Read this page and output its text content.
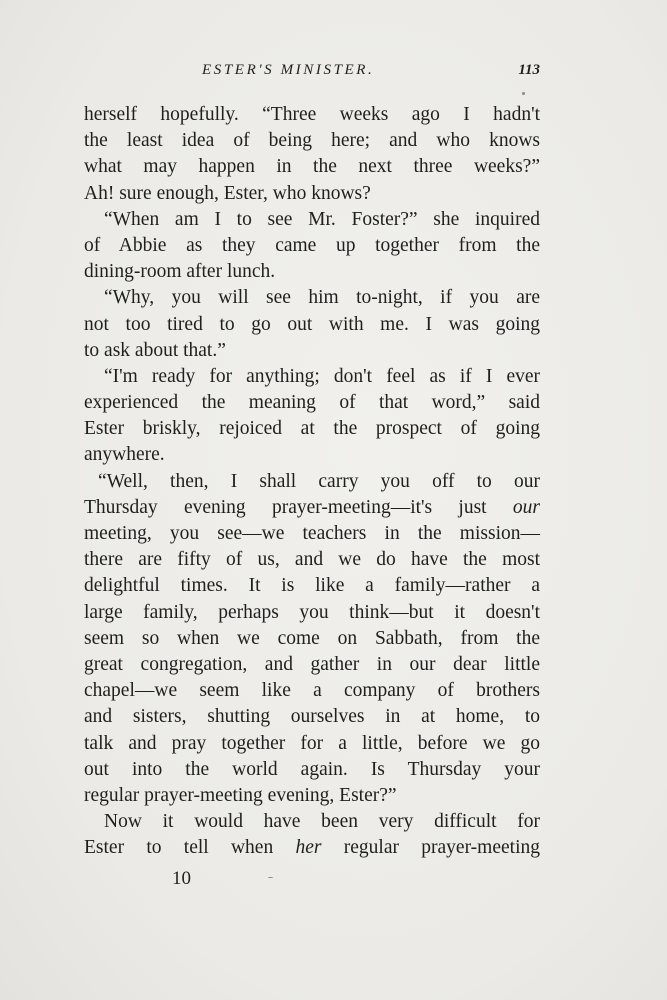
ESTER'S MINISTER.	113
herself hopefully. “Three weeks ago I hadn't
the least idea of being here; and who knows
what may happen in the next three weeks?”
Ah! sure enough, Ester, who knows?
“When am I to see Mr. Foster?” she inquired
of Abbie as they came up together from the
dining-room after lunch.
“Why, you will see him to-night, if you are
not too tired to go out with me. I was going
to ask about that.”
“I'm ready for anything; don't feel as if I ever
experienced the meaning of that word,” said
Ester briskly, rejoiced at the prospect of going
anywhere.
“Well, then, I shall carry you off to our
Thursday evening prayer-meeting—it's just our
meeting, you see—we teachers in the mission—
there are fifty of us, and we do have the most
delightful times. It is like a family—rather a
large family, perhaps you think—but it doesn't
seem so when we come on Sabbath, from the
great congregation, and gather in our dear little
chapel—we seem like a company of brothers
and sisters, shutting ourselves in at home, to
talk and pray together for a little, before we go
out into the world again. Is Thursday your
regular prayer-meeting evening, Ester?”
Now it would have been very difficult for
Ester to tell when her regular prayer-meeting
10
